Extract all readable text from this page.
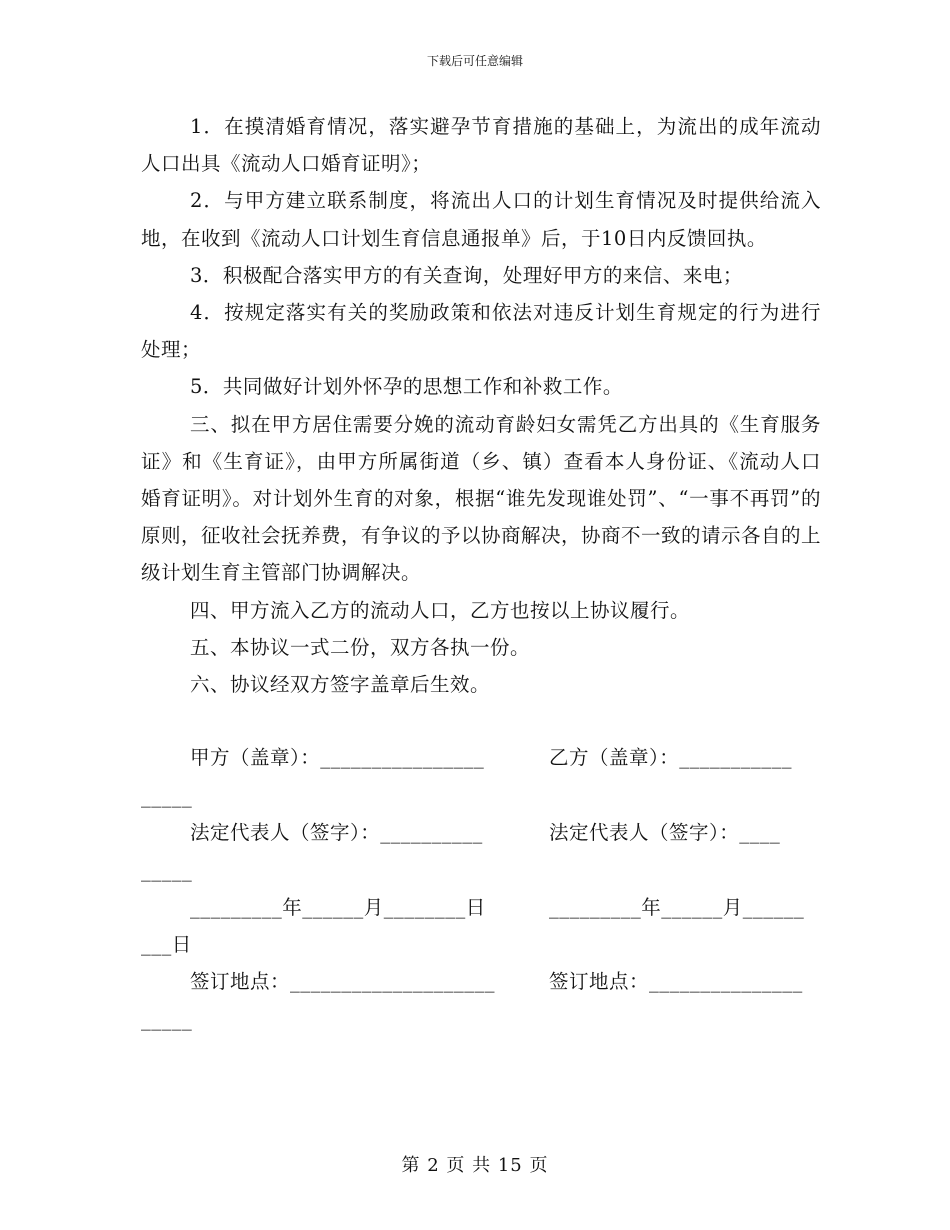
下载后可任意编辑

1．在摸清婚育情况，落实避孕节育措施的基础上，为流出的成年流动人口出具《流动人口婚育证明》；

2．与甲方建立联系制度，将流出人口的计划生育情况及时提供给流入地，在收到《流动人口计划生育信息通报单》后，于10日内反馈回执。

3．积极配合落实甲方的有关查询，处理好甲方的来信、来电；

4．按规定落实有关的奖励政策和依法对违反计划生育规定的行为进行处理；

5．共同做好计划外怀孕的思想工作和补救工作。

三、拟在甲方居住需要分娩的流动育龄妇女需凭乙方出具的《生育服务证》和《生育证》，由甲方所属街道（乡、镇）查看本人身份证、《流动人口婚育证明》。对计划外生育的对象，根据“谁先发现谁处罚”、“一事不再罚”的原则，征收社会抚养费，有争议的予以协商解决，协商不一致的请示各自的上级计划生育主管部门协调解决。

四、甲方流入乙方的流动人口，乙方也按以上协议履行。

五、本协议一式二份，双方各执一份。

六、协议经双方签字盖章后生效。

甲方（盖章）：________________	乙方（盖章）：___________
_____
法定代表人（签字）：__________	法定代表人（签字）：____
_____
_________年______月________日	_________年______月______
___日
签订地点：____________________	签订地点：_______________
_____
第 2 页 共 15 页
